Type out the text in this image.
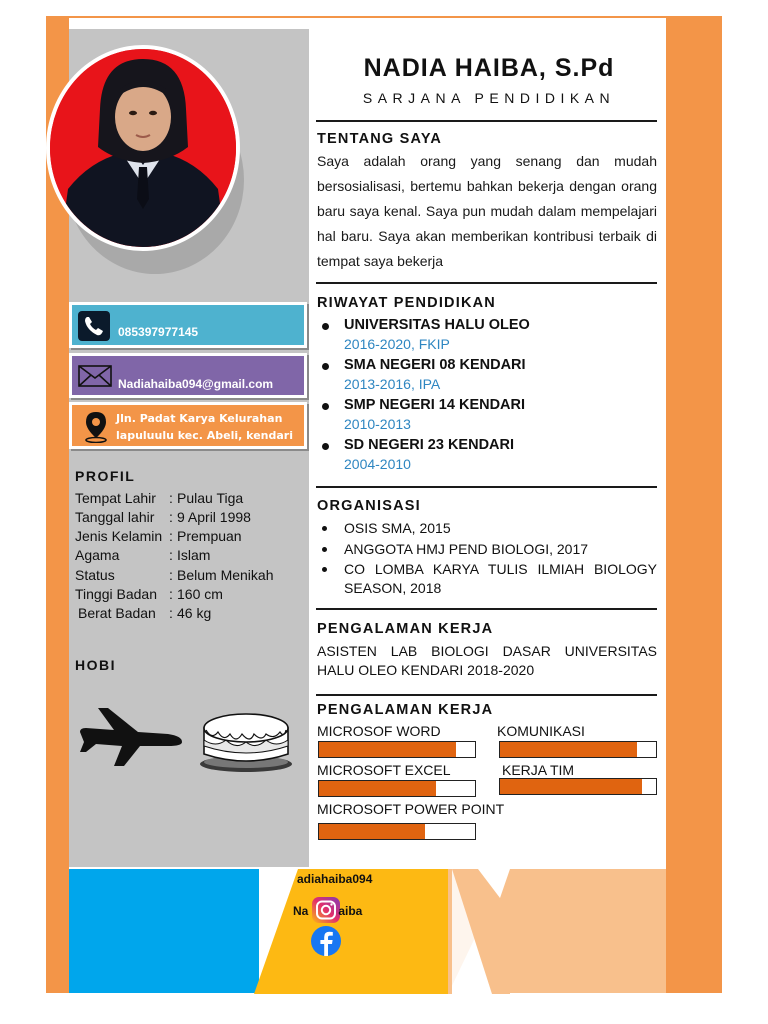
085397977145
Nadiahaiba094@gmail.com
Jln. Padat Karya Kelurahan
lapuluulu kec. Abeli, kendari
PROFIL
Tempat Lahir : Pulau Tiga
Tanggal lahir : 9 April 1998
Jenis Kelamin : Prempuan
Agama	: Islam
Status	: Belum Menikah
Tinggi Badan : 160 cm
Berat Badan : 46 kg
HOBI
NADIA HAIBA, S.Pd
SARJANA PENDIDIKAN
TENTANG SAYA
Saya adalah orang yang senang dan mudah bersosialisasi, bertemu bahkan bekerja dengan orang baru saya kenal. Saya pun mudah dalam mempelajari hal baru. Saya akan memberikan kontribusi terbaik di tempat saya bekerja
RIWAYAT PENDIDIKAN
UNIVERSITAS HALU OLEO
2016-2020, FKIP
SMA NEGERI 08 KENDARI
2013-2016, IPA
SMP NEGERI 14 KENDARI
2010-2013
SD NEGERI 23 KENDARI
2004-2010
ORGANISASI
OSIS SMA, 2015
ANGGOTA HMJ PEND BIOLOGI, 2017
CO LOMBA KARYA TULIS ILMIAH BIOLOGY SEASON, 2018
PENGALAMAN KERJA
ASISTEN LAB BIOLOGI DASAR UNIVERSITAS HALU OLEO KENDARI 2018-2020
PENGALAMAN KERJA
MICROSOF WORD	KOMUNIKASI
MICROSOFT EXCEL	KERJA TIM
MICROSOFT POWER POINT
adiahaiba094
Na	aiba
